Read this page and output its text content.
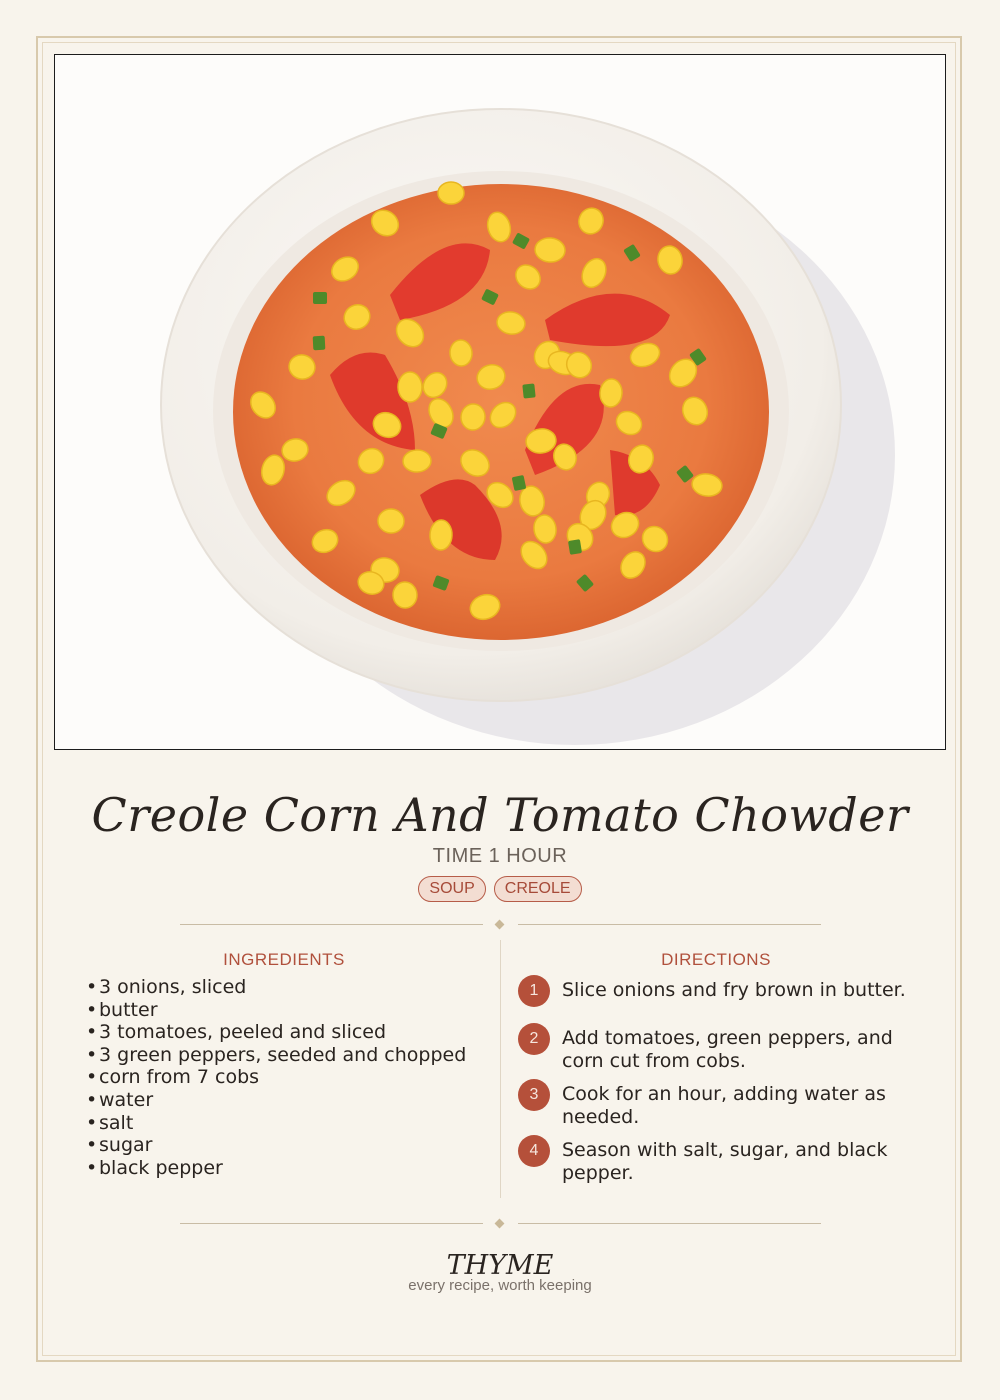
Creole Corn And Tomato Chowder
TIME 1 HOUR
SOUP	CREOLE
INGREDIENTS
•3 onions, sliced
•butter
•3 tomatoes, peeled and sliced
•3 green peppers, seeded and chopped
•corn from 7 cobs
•water
•salt
•sugar
•black pepper
DIRECTIONS
1	Slice onions and fry brown in butter.
2	Add tomatoes, green peppers, and corn cut from cobs.
3	Cook for an hour, adding water as needed.
4	Season with salt, sugar, and black pepper.
THYME
every recipe, worth keeping
